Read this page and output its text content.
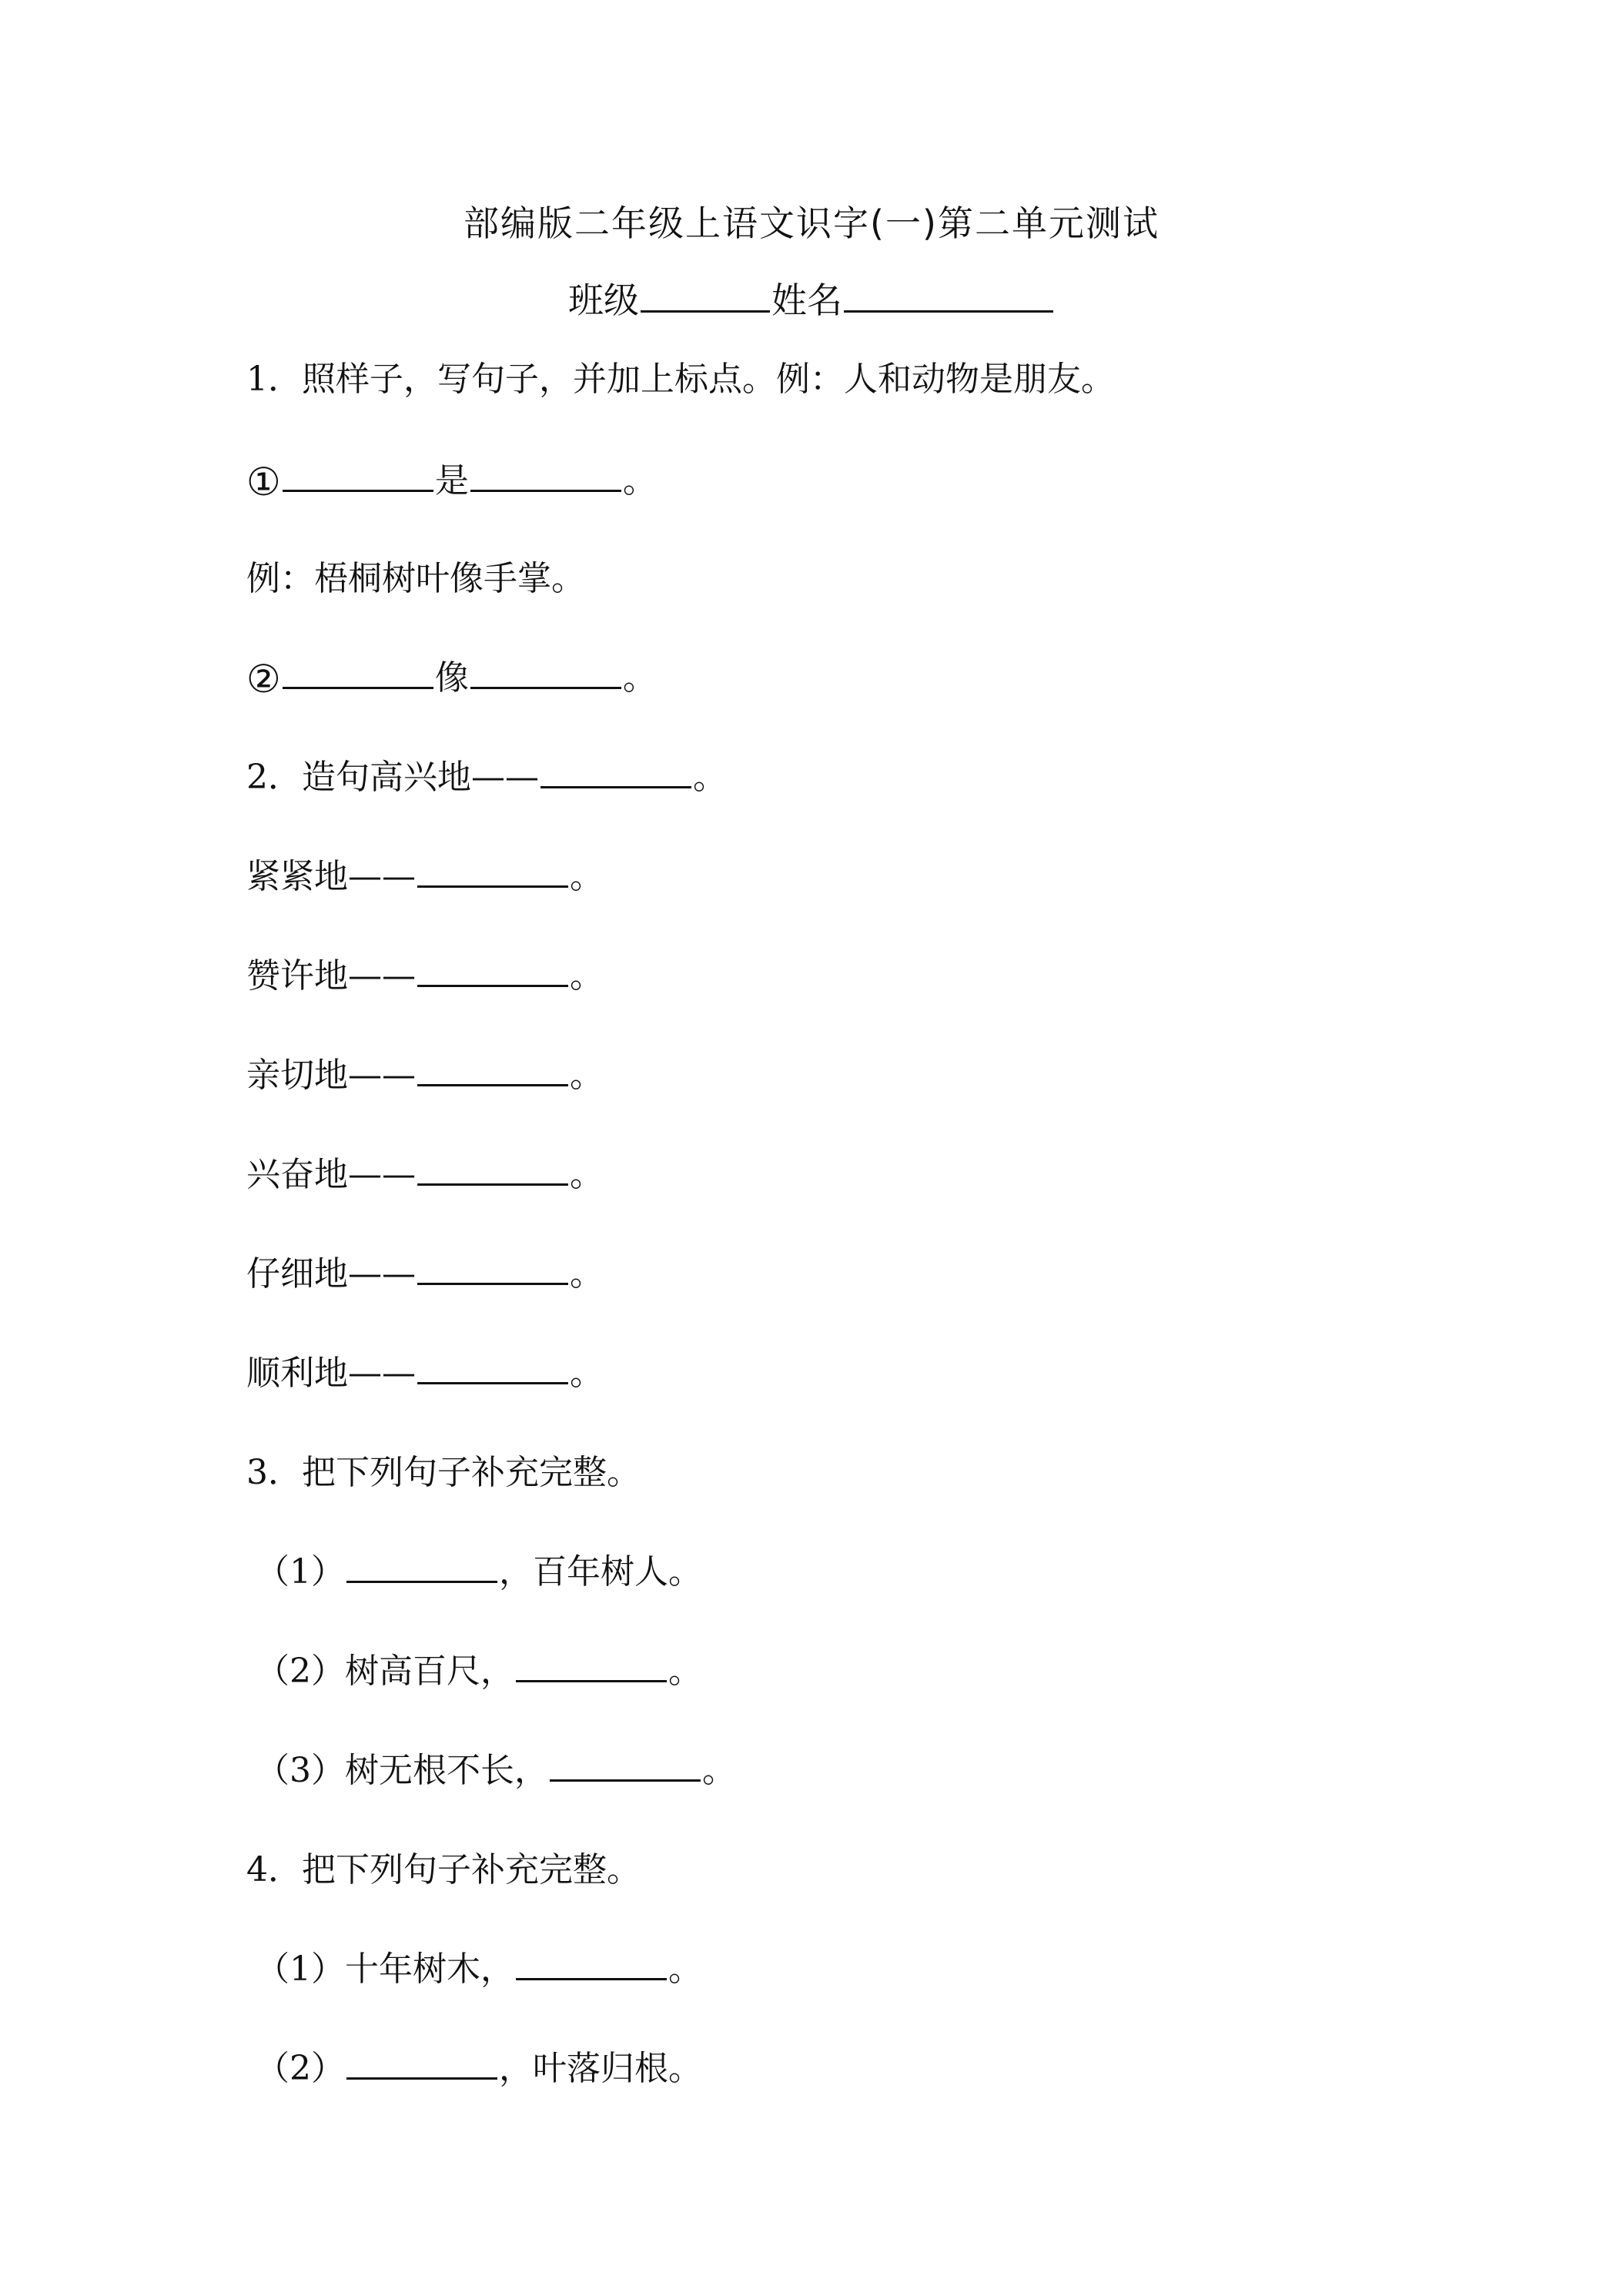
部编版二年级上语文识字(一)第二单元测试
班级	姓名
1．照样子，写句子，并加上标点。例：人和动物是朋友。
①	是	。
例：梧桐树叶像手掌。
②	像	。
2．造句高兴地——	。
紧紧地——	。
赞许地——	。
亲切地——	。
兴奋地——	。
仔细地——	。
顺利地——	。
3．把下列句子补充完整。
（1）	，百年树人。
（2）树高百尺，	。
（3）树无根不长，	。
4．把下列句子补充完整。
（1）十年树木，	。
（2）	，叶落归根。
